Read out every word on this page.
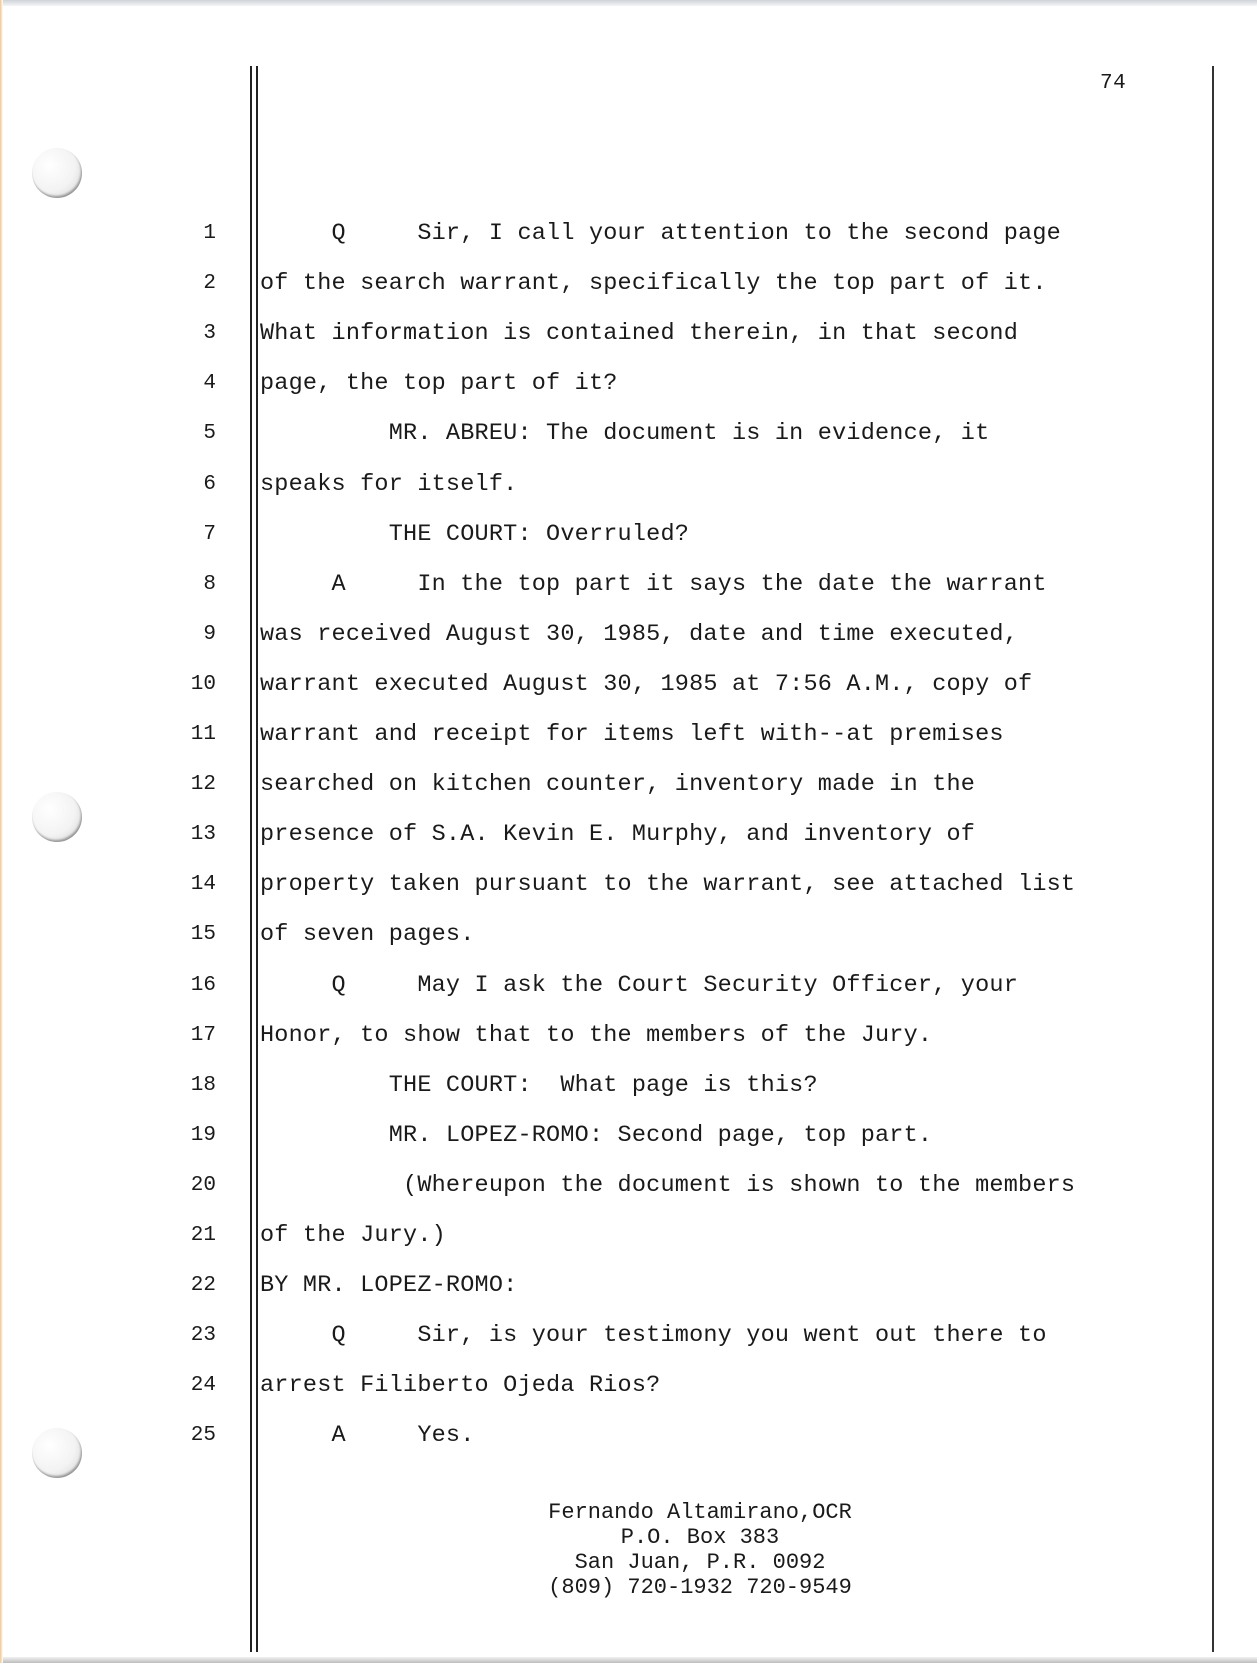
74
1 Q     Sir, I call your attention to the second page
2 of the search warrant, specifically the top part of it.
3 What information is contained therein, in that second
4 page, the top part of it?
5 MR. ABREU: The document is in evidence, it
6 speaks for itself.
7 THE COURT: Overruled?
8 A     In the top part it says the date the warrant
9 was received August 30, 1985, date and time executed,
10 warrant executed August 30, 1985 at 7:56 A.M., copy of
11 warrant and receipt for items left with--at premises
12 searched on kitchen counter, inventory made in the
13 presence of S.A. Kevin E. Murphy, and inventory of
14 property taken pursuant to the warrant, see attached list
15 of seven pages.
16 Q     May I ask the Court Security Officer, your
17 Honor, to show that to the members of the Jury.
18 THE COURT:  What page is this?
19 MR. LOPEZ-ROMO: Second page, top part.
20 (Whereupon the document is shown to the members
21 of the Jury.)
22 BY MR. LOPEZ-ROMO:
23 Q     Sir, is your testimony you went out there to
24 arrest Filiberto Ojeda Rios?
25 A     Yes.
Fernando Altamirano,OCR
P.O. Box 383
San Juan, P.R. 0092
(809) 720-1932 720-9549
